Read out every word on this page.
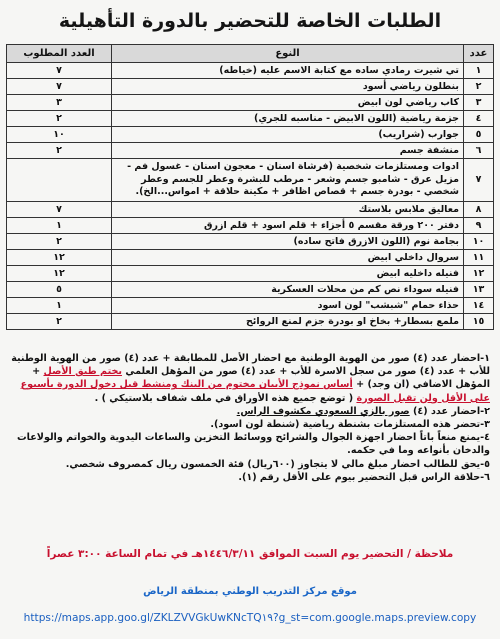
الطلبات الخاصة للتحضير بالدورة التأهيلية
عدد	النوع	العدد المطلوب
١	تي شيرت رمادي ساده مع كتابة الاسم عليه (خياطه)	٧
٢	بنطلون رياضي أسود	٧
٣	كاب رياضي لون ابيض	٣
٤	جزمة رياضية (اللون الابيض - مناسبه للجري)	٢
٥	جوارب (شراريب)	١٠
٦	منشفة جسم	٢
٧	ادوات ومستلزمات شخصية (فرشاة اسنان - معجون اسنان - غسول فم - مزيل عرق - شامبو جسم وشعر - مرطب للبشرة وعطر للجسم وعطر شخصي - بودرة جسم + قصاص اظافر + مكينة حلاقة + امواس...الخ).	
٨	معاليق ملابس بلاستك	٧
٩	دفتر ٢٠٠ ورقة مقسم ٥ أجزاء + قلم اسود + قلم ازرق	١
١٠	بجامة نوم (اللون الازرق فاتح ساده)	٢
١١	سروال داخلي ابيض	١٢
١٢	فنيله داخليه ابيض	١٢
١٣	فنيله سوداء نص كم من محلات العسكرية	٥
١٤	حذاء حمام "شبشب" لون اسود	١
١٥	ملمع بسطار+ بخاخ او بودرة جزم لمنع الروائح	٢
١-احضار عدد (٤) صور من الهوية الوطنية مع احضار الأصل للمطابقة + عدد (٤) صور من الهوية الوطنية للأب + عدد (٤) صور من سجل الاسرة للأب + عدد (٤) صور من المؤهل العلمي بختم طبق الأصل + المؤهل الاضافي (ان وجد) + أساس نموذج الأبيان مختوم من البنك ومنشط قبل دخول الدورة بأسبوع على الأقل ولن تقبل الصورة ( توضع جميع هذه الأوراق في ملف شفاف بلاستيكي ) .
٢-احضار عدد (٤) صور بالزي السعودي مكشوف الراس.
٣-تحضر هذه المستلزمات بشنطة رياضية (شنطة لون اسود).
٤-يمنع منعاً باتاً احضار اجهزة الجوال والشرائح ووسائط التخزين والساعات اليدوية والخواتم والولاعات والدخان بأنواعه وما في حكمه.
٥-يحق للطالب احضار مبلغ مالي لا يتجاوز (٦٠٠ريال) فئة الخمسون ريال كمصروف شخصي.
٦-حلاقة الراس قبل التحضير بيوم على الأقل رقم (١).
ملاحظة / التحضير يوم السبت الموافق ١٤٤٦/٣/١١هـ في تمام الساعة ٣:٠٠ عصراً
موقع مركز التدريب الوطني بمنطقة الرياض
https://maps.app.goo.gl/ZKLZVVGkUwKNcTQ١٩?g_st=com.google.maps.preview.copy
